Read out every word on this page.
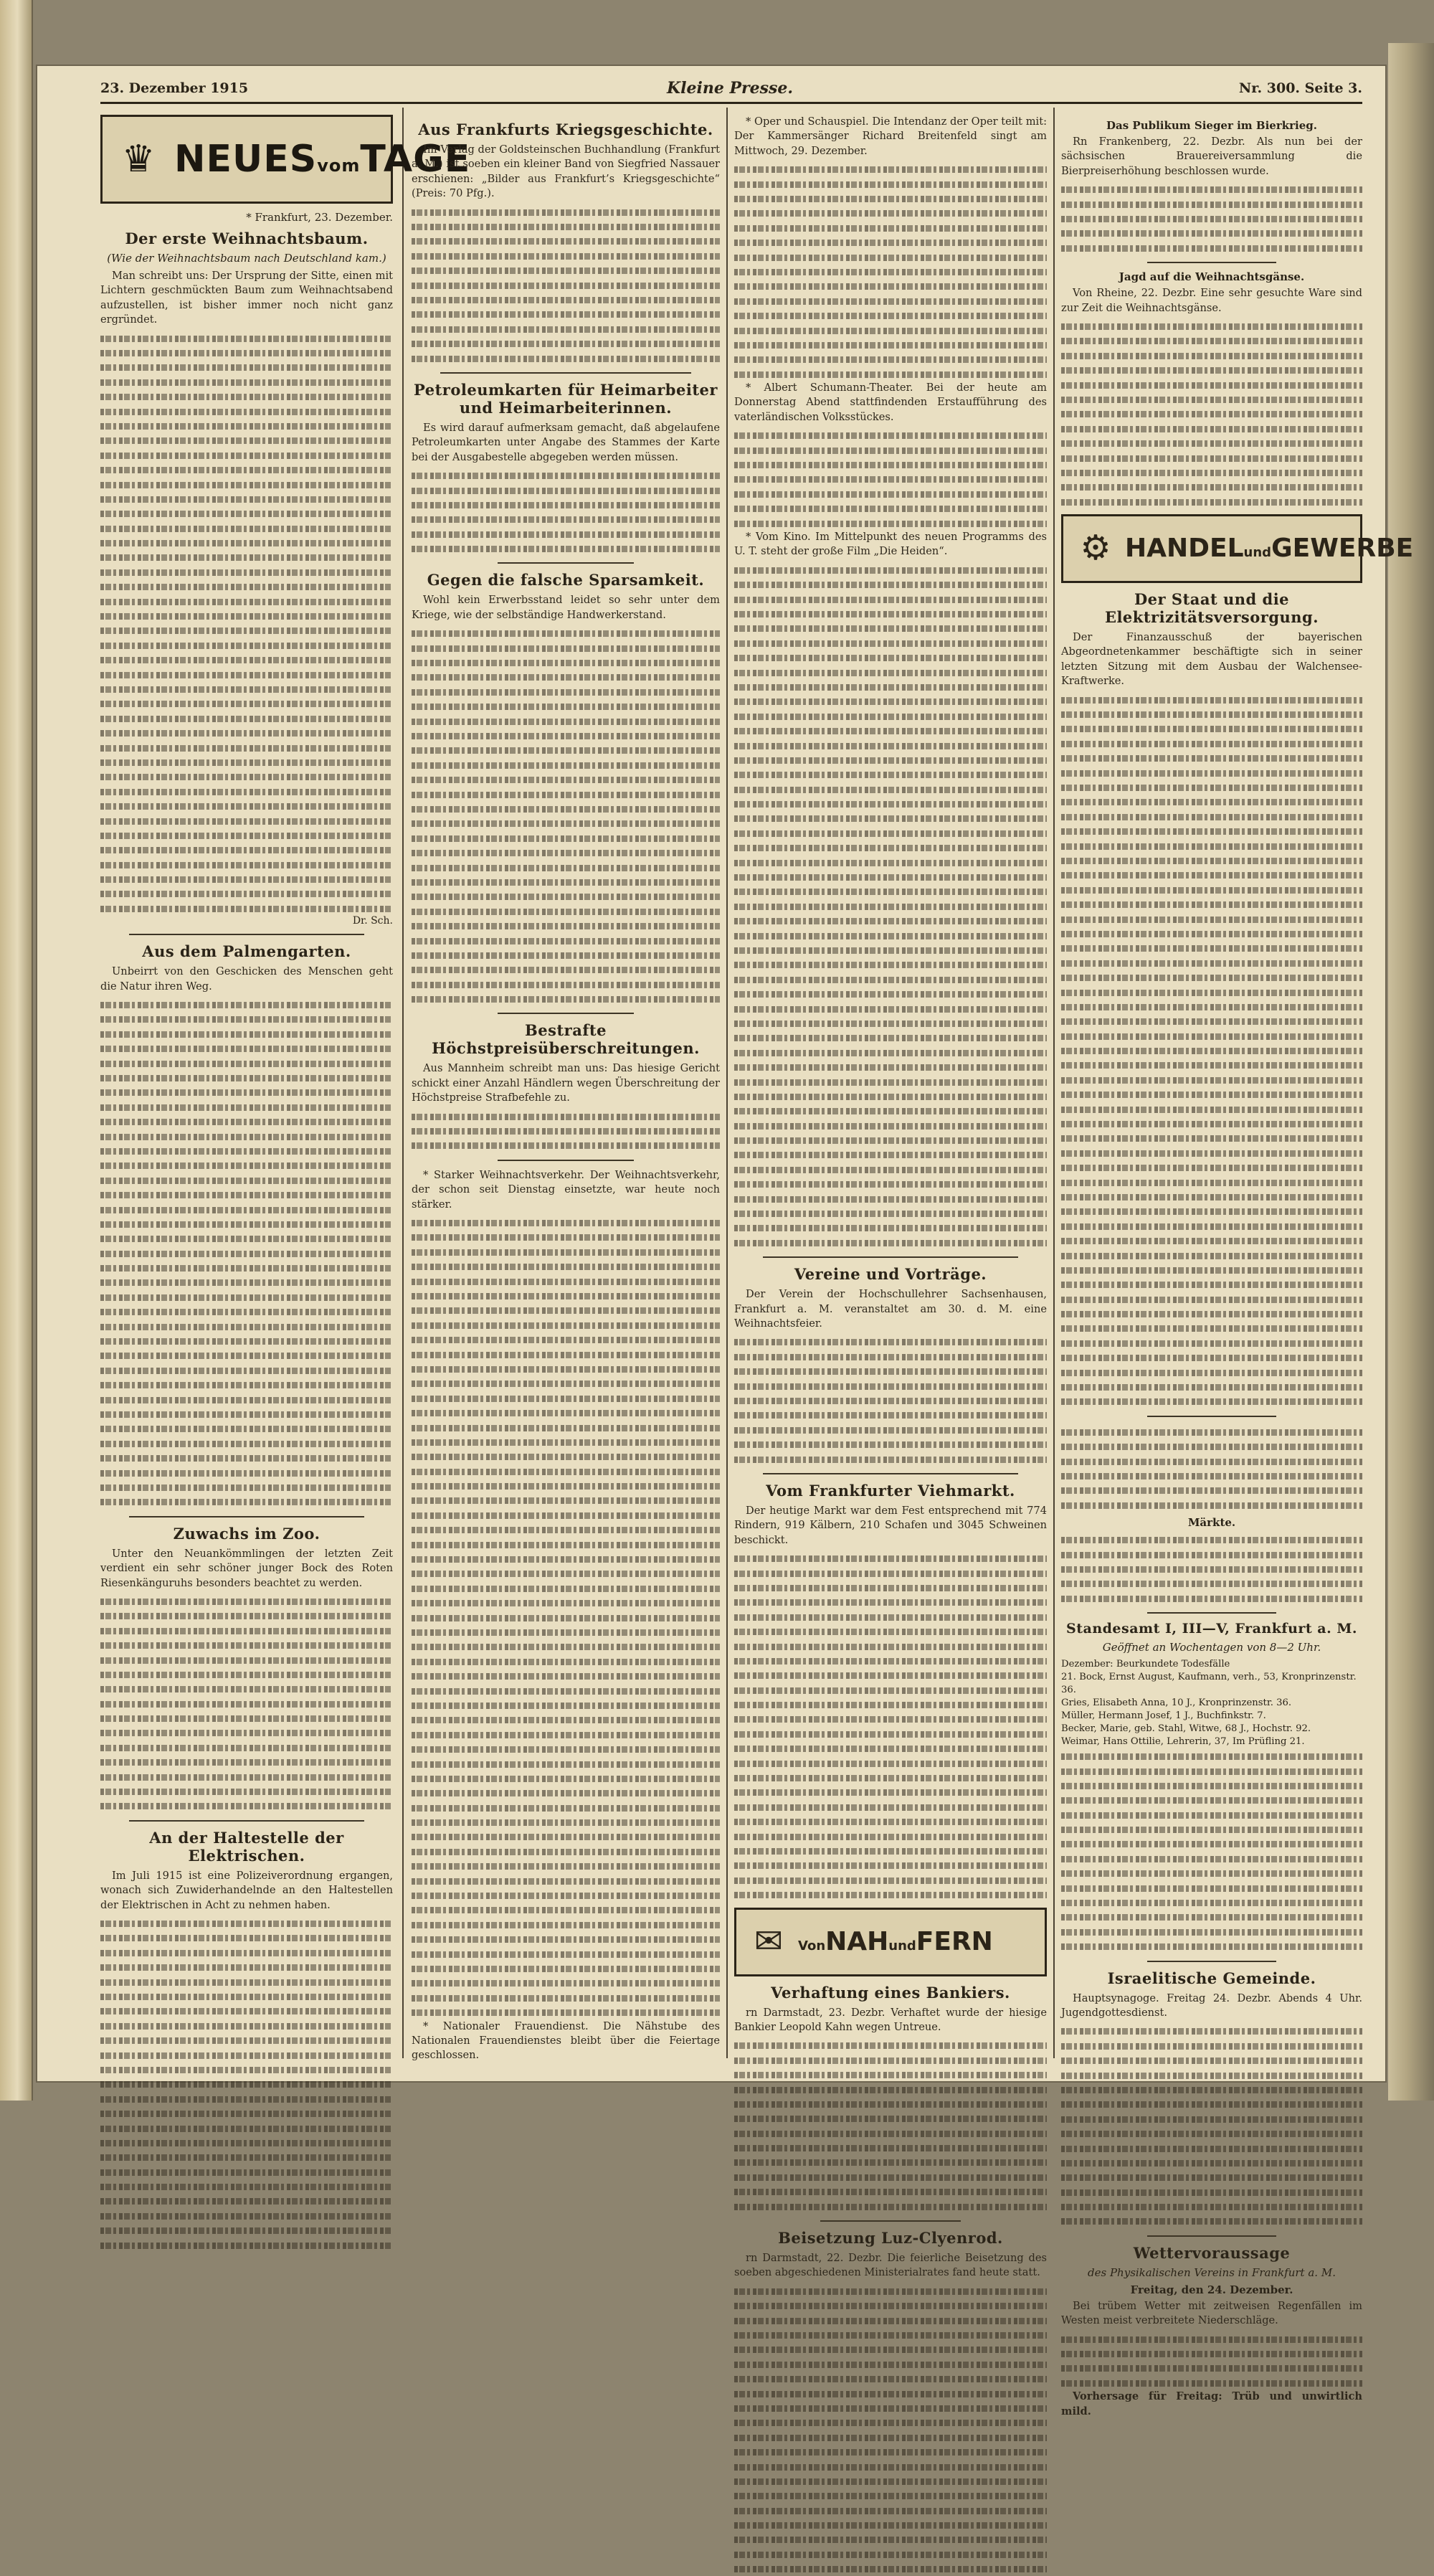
23. Dezember 1915	Kleine Presse.	Nr. 300. Seite 3.
♛ NEUESvomTAGE
* Frankfurt, 23. Dezember.
Der erste Weihnachtsbaum.
(Wie der Weihnachtsbaum nach Deutschland kam.)

Man schreibt uns: Der Ursprung der Sitte, einen mit Lichtern geschmückten Baum zum Weihnachtsabend aufzustellen, ist bisher immer noch nicht ganz ergründet.

Dr. Sch.
Aus dem Palmengarten.

Unbeirrt von den Geschicken des Menschen geht die Natur ihren Weg.

Zuwachs im Zoo.

Unter den Neuankömmlingen der letzten Zeit verdient ein sehr schöner junger Bock des Roten Riesenkänguruhs besonders beachtet zu werden.

An der Haltestelle der Elektrischen.

Im Juli 1915 ist eine Polizeiverordnung ergangen, wonach sich Zuwiderhandelnde an den Haltestellen der Elektrischen in Acht zu nehmen haben.

Aus Frankfurts Kriegsgeschichte.

Im Verlag der Goldsteinschen Buchhandlung (Frankfurt a. M.) ist soeben ein kleiner Band von Siegfried Nassauer erschienen: „Bilder aus Frankfurt’s Kriegsgeschichte“ (Preis: 70 Pfg.).

Petroleumkarten für Heimarbeiter und Heimarbeiterinnen.

Es wird darauf aufmerksam gemacht, daß abgelaufene Petroleumkarten unter Angabe des Stammes der Karte bei der Ausgabestelle abgegeben werden müssen.

Gegen die falsche Sparsamkeit.

Wohl kein Erwerbsstand leidet so sehr unter dem Kriege, wie der selbständige Handwerkerstand.

Bestrafte Höchstpreisüberschreitungen.

Aus Mannheim schreibt man uns: Das hiesige Gericht schickt einer Anzahl Händlern wegen Überschreitung der Höchstpreise Strafbefehle zu.

* Starker Weihnachtsverkehr. Der Weihnachtsverkehr, der schon seit Dienstag einsetzte, war heute noch stärker.

* Nationaler Frauendienst. Die Nähstube des Nationalen Frauendienstes bleibt über die Feiertage geschlossen.

* Oper und Schauspiel. Die Intendanz der Oper teilt mit: Der Kammersänger Richard Breitenfeld singt am Mittwoch, 29. Dezember.

* Albert Schumann-Theater. Bei der heute am Donnerstag Abend stattfindenden Erstaufführung des vaterländischen Volksstückes.

* Vom Kino. Im Mittelpunkt des neuen Programms des U. T. steht der große Film „Die Heiden“.

Vereine und Vorträge.

Der Verein der Hochschullehrer Sachsenhausen, Frankfurt a. M. veranstaltet am 30. d. M. eine Weihnachtsfeier.

Vom Frankfurter Viehmarkt.

Der heutige Markt war dem Fest entsprechend mit 774 Rindern, 919 Kälbern, 210 Schafen und 3045 Schweinen beschickt.

✉	VonNAHundFERN
Verhaftung eines Bankiers.

rn Darmstadt, 23. Dezbr. Verhaftet wurde der hiesige Bankier Leopold Kahn wegen Untreue.

Beisetzung Luz-Clyenrod.

rn Darmstadt, 22. Dezbr. Die feierliche Beisetzung des soeben abgeschiedenen Ministerialrates fand heute statt.

Das Publikum Sieger im Bierkrieg.

Rn Frankenberg, 22. Dezbr. Als nun bei der sächsischen Brauereiversammlung die Bierpreiserhöhung beschlossen wurde.

Jagd auf die Weihnachtsgänse.

Von Rheine, 22. Dezbr. Eine sehr gesuchte Ware sind zur Zeit die Weihnachtsgänse.

⚙ HANDELundGEWERBE
Der Staat und die Elektrizitätsversorgung.

Der Finanzausschuß der bayerischen Abgeordnetenkammer beschäftigte sich in seiner letzten Sitzung mit dem Ausbau der Walchensee-Kraftwerke.

Märkte.
Standesamt I, III—V, Frankfurt a. M.
Geöffnet an Wochentagen von 8—2 Uhr.

Dezember: Beurkundete Todesfälle

21. Bock, Ernst August, Kaufmann, verh., 53, Kronprinzenstr. 36.

Gries, Elisabeth Anna, 10 J., Kronprinzenstr. 36.

Müller, Hermann Josef, 1 J., Buchfinkstr. 7.

Becker, Marie, geb. Stahl, Witwe, 68 J., Hochstr. 92.

Weimar, Hans Ottilie, Lehrerin, 37, Im Prüfling 21.

Israelitische Gemeinde.

Hauptsynagoge. Freitag 24. Dezbr. Abends 4 Uhr. Jugendgottesdienst.

Wettervoraussage
des Physikalischen Vereins in Frankfurt a. M.
Freitag, den 24. Dezember.

Bei trübem Wetter mit zeitweisen Regenfällen im Westen meist verbreitete Niederschläge.

Vorhersage für Freitag: Trüb und unwirtlich mild.
